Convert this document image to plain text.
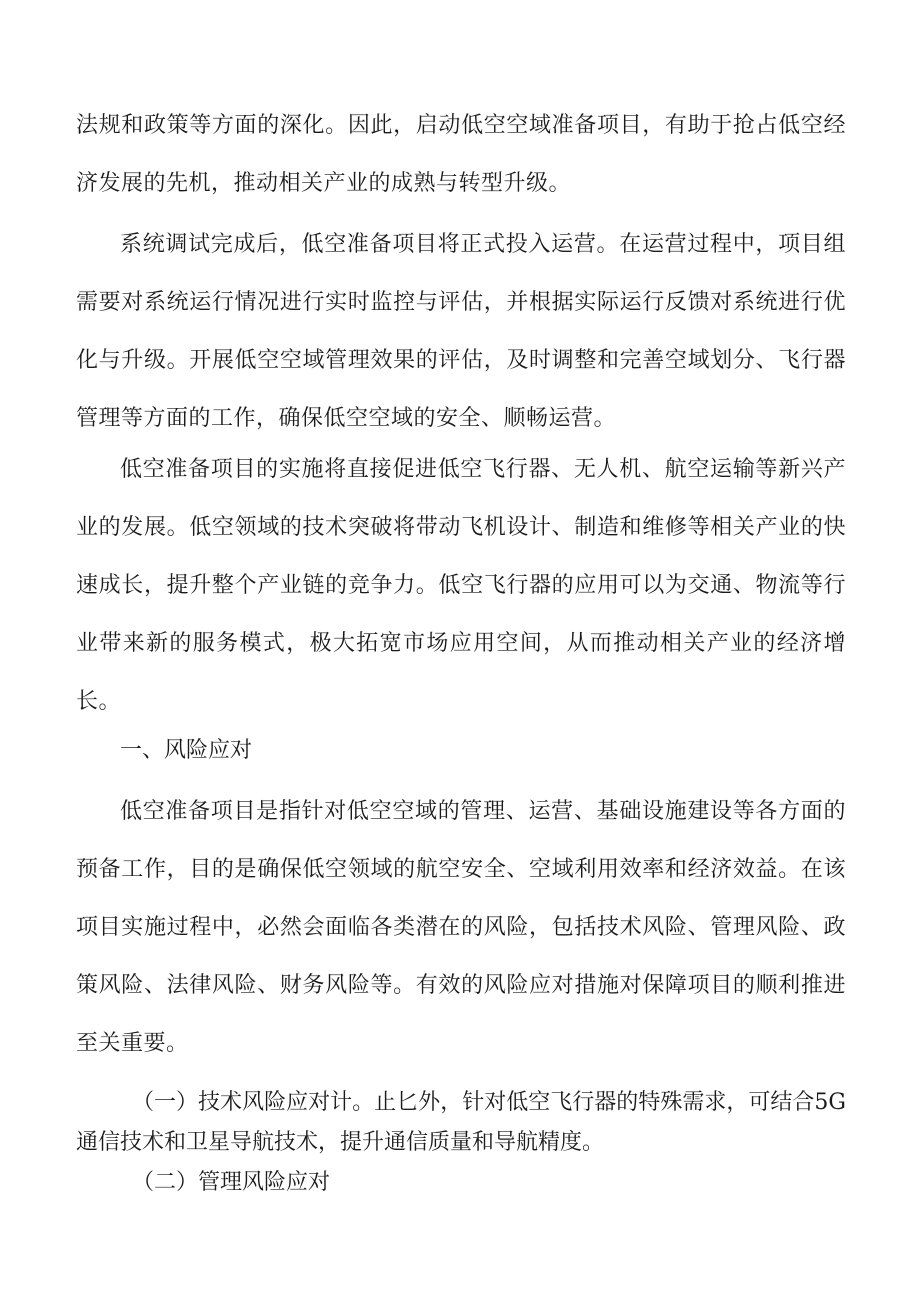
法规和政策等方面的深化。因此，启动低空空域准备项目，有助于抢占低空经济发展的先机，推动相关产业的成熟与转型升级。

系统调试完成后，低空准备项目将正式投入运营。在运营过程中，项目组需要对系统运行情况进行实时监控与评估，并根据实际运行反馈对系统进行优化与升级。开展低空空域管理效果的评估，及时调整和完善空域划分、飞行器管理等方面的工作，确保低空空域的安全、顺畅运营。

低空准备项目的实施将直接促进低空飞行器、无人机、航空运输等新兴产业的发展。低空领域的技术突破将带动飞机设计、制造和维修等相关产业的快速成长，提升整个产业链的竞争力。低空飞行器的应用可以为交通、物流等行业带来新的服务模式，极大拓宽市场应用空间，从而推动相关产业的经济增长。

一、风险应对

低空准备项目是指针对低空空域的管理、运营、基础设施建设等各方面的预备工作，目的是确保低空领域的航空安全、空域利用效率和经济效益。在该项目实施过程中，必然会面临各类潜在的风险，包括技术风险、管理风险、政策风险、法律风险、财务风险等。有效的风险应对措施对保障项目的顺利推进至关重要。

（一）技术风险应对计。止匕外，针对低空飞行器的特殊需求，可结合5G通信技术和卫星导航技术，提升通信质量和导航精度。

（二）管理风险应对
